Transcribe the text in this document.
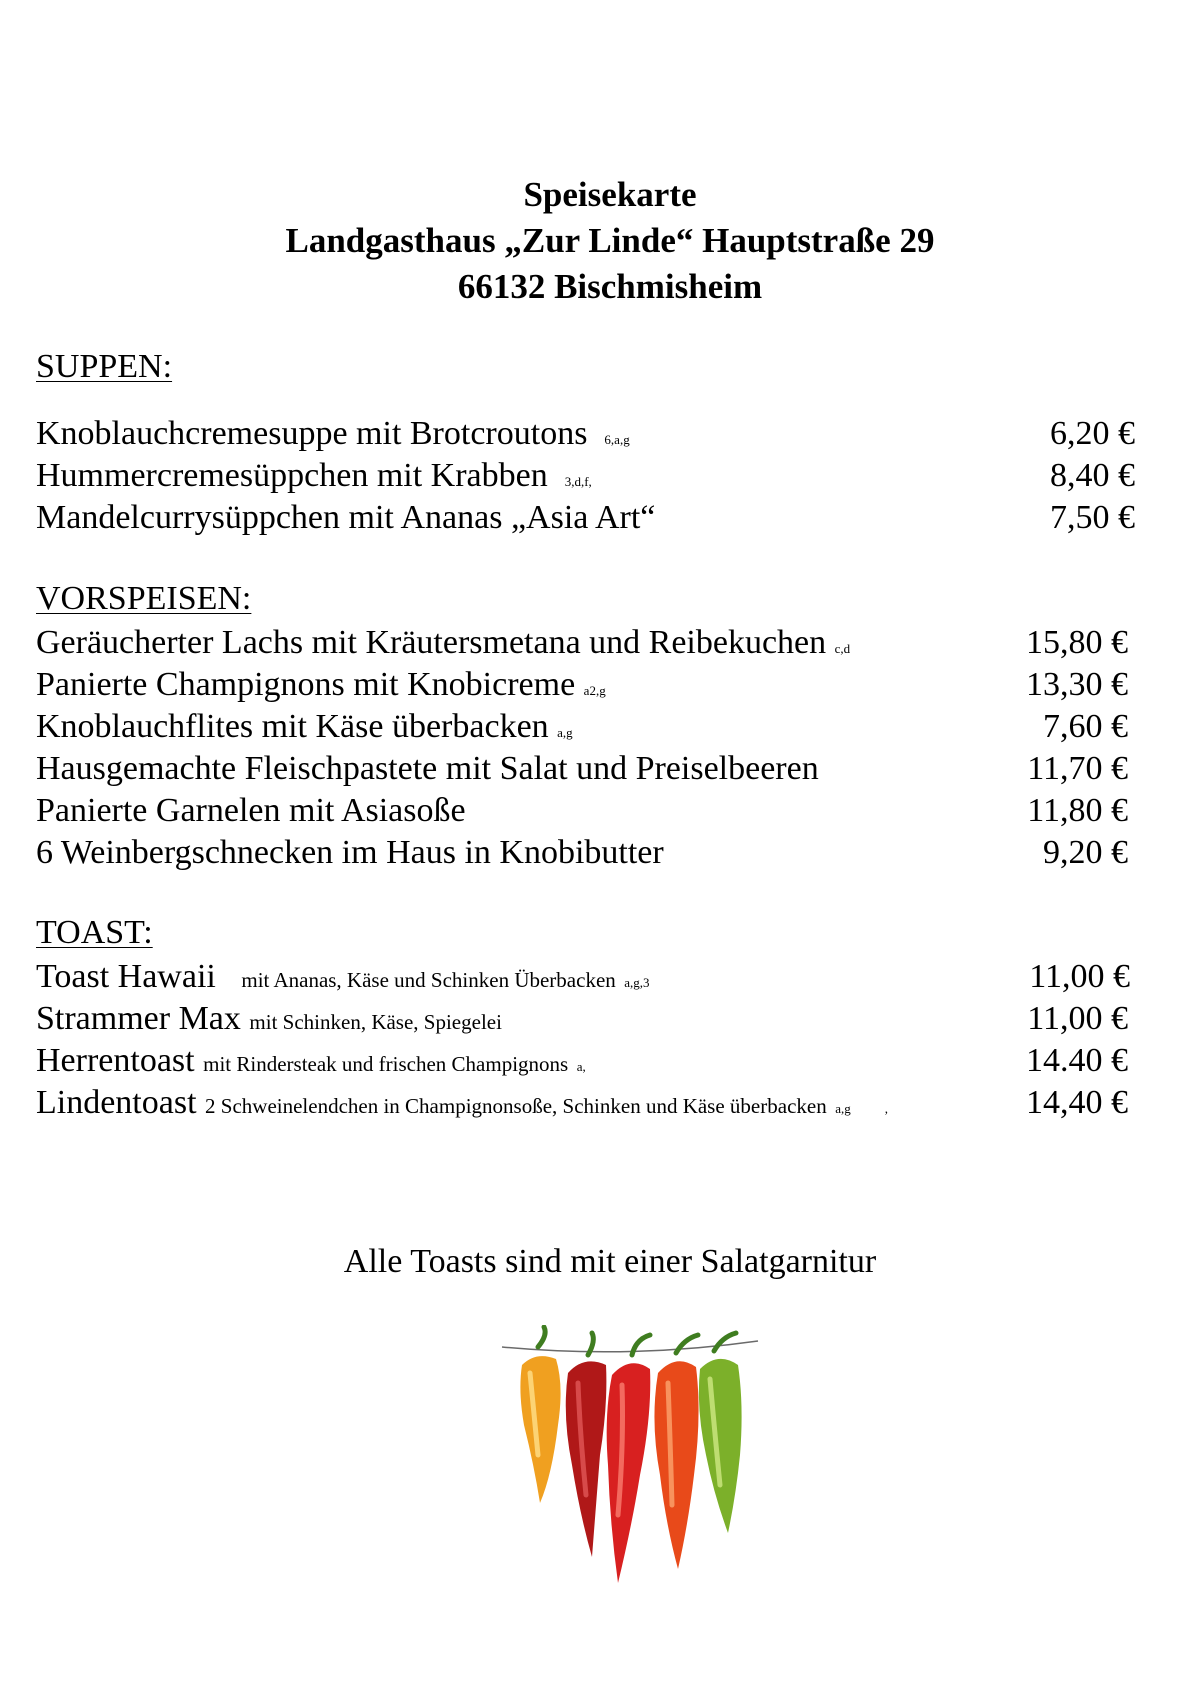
Speisekarte
Landgasthaus „Zur Linde“ Hauptstraße 29
66132 Bischmisheim
SUPPEN:
Knoblauchcremesuppe mit Brotcroutons 6,a,g	6,20 €
Hummercremesüppchen mit Krabben 3,d,f,	8,40 €
Mandelcurrysüppchen mit Ananas „Asia Art“	7,50 €
VORSPEISEN:
Geräucherter Lachs mit Kräutersmetana und Reibekuchen c,d	15,80 €
Panierte Champignons mit Knobicreme a2,g	13,30 €
Knoblauchflites mit Käse überbacken a,g	7,60 €
Hausgemachte Fleischpastete mit Salat und Preiselbeeren	11,70 €
Panierte Garnelen mit Asiasoße	11,80 €
6 Weinbergschnecken im Haus in Knobibutter	9,20 €
TOAST:
Toast Hawaii mit Ananas, Käse und Schinken Überbacken a,g,3	11,00 €
Strammer Max mit Schinken, Käse, Spiegelei	11,00 €
Herrentoast mit Rindersteak und frischen Champignons a,	14.40 €
Lindentoast 2 Schweinelendchen in Champignonsoße, Schinken und Käse überbacken a,g	,	14,40 €
Alle Toasts sind mit einer Salatgarnitur
